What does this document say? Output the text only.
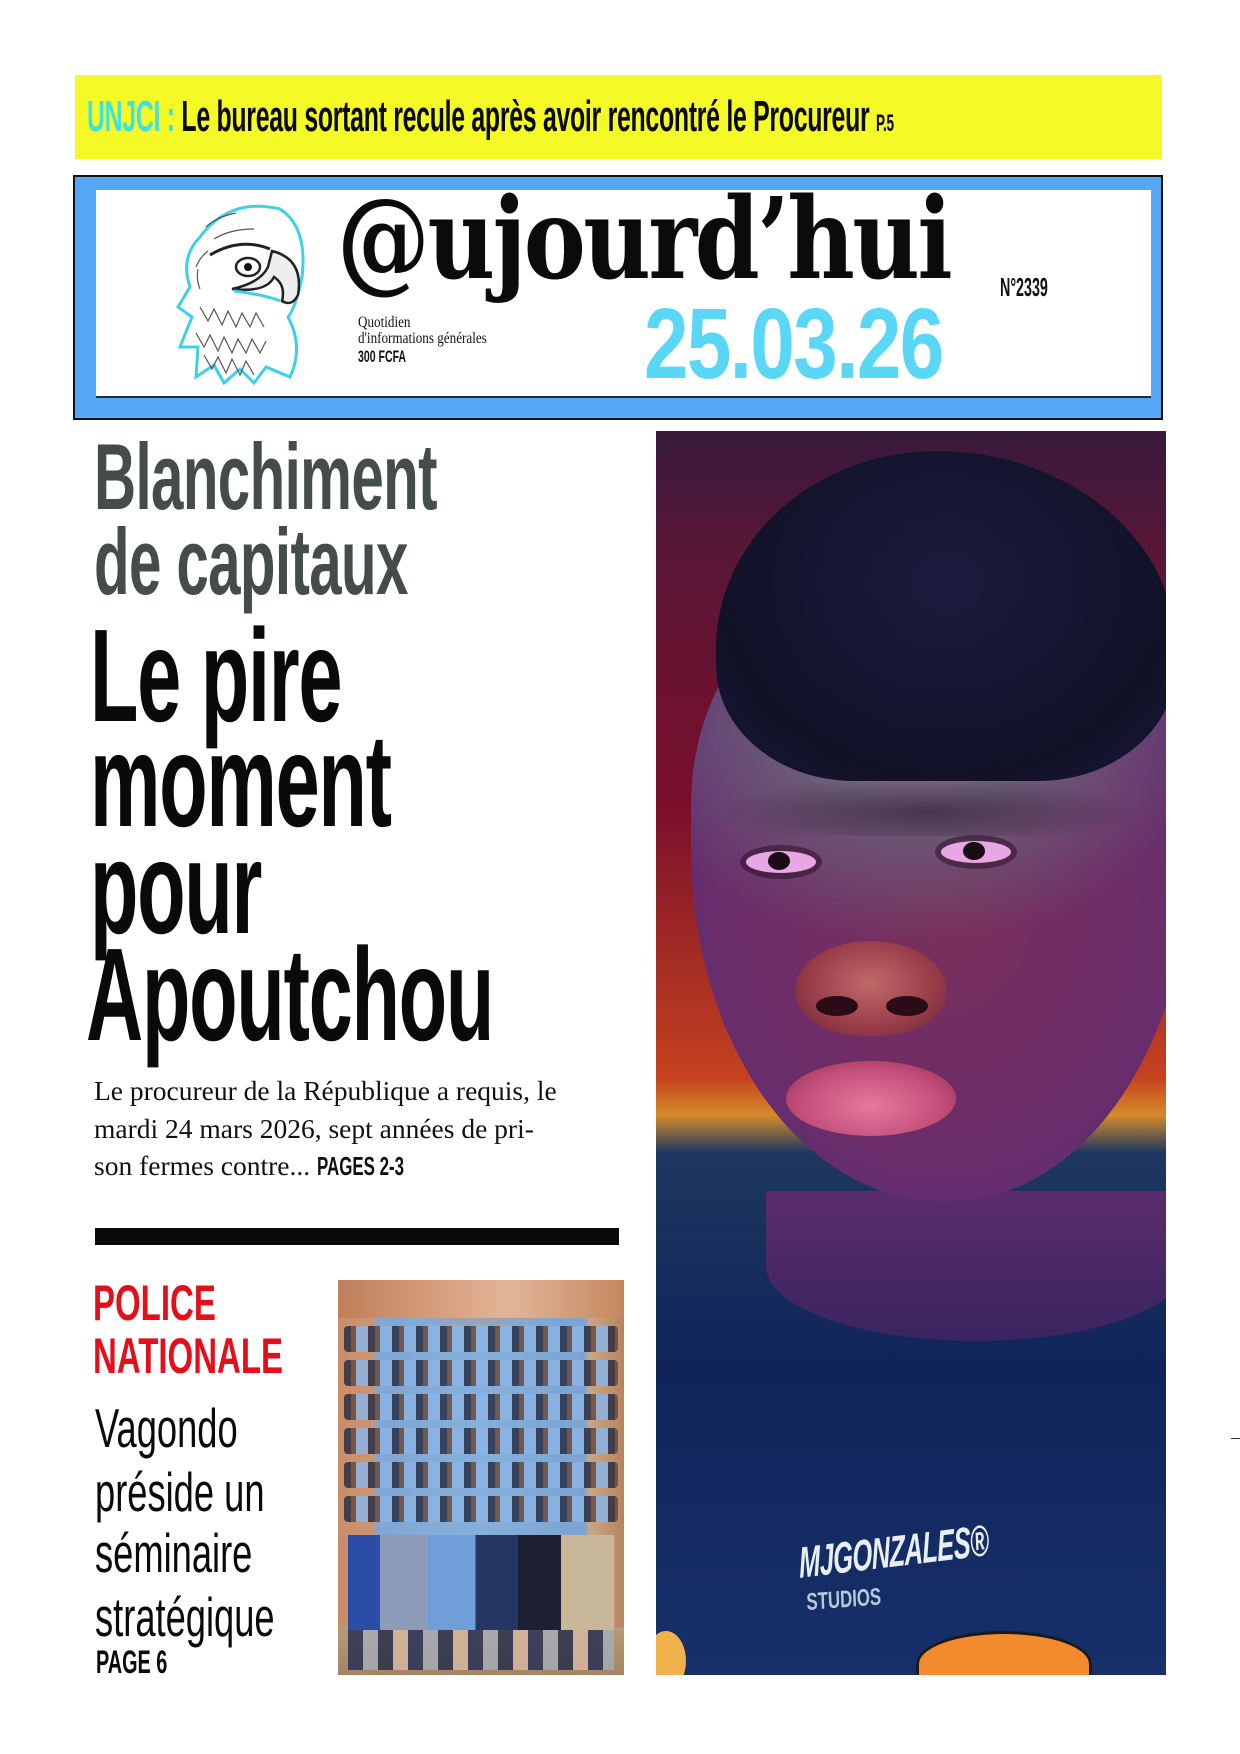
UNJCI : Le bureau sortant recule après avoir rencontré le Procureur P.5
@ujourd’hui N°2339
25.03.26
Quotidien
d'informations générales
300 FCFA
Blanchiment
de capitaux
Le pire
moment
pour
Apoutchou
Le procureur de la République a requis, le
mardi 24 mars 2026, sept années de pri-
son fermes contre... PAGES 2-3
POLICE
NATIONALE
Vagondo
préside un
séminaire
stratégique
PAGE 6
MJGONZALES®
STUDIOS
